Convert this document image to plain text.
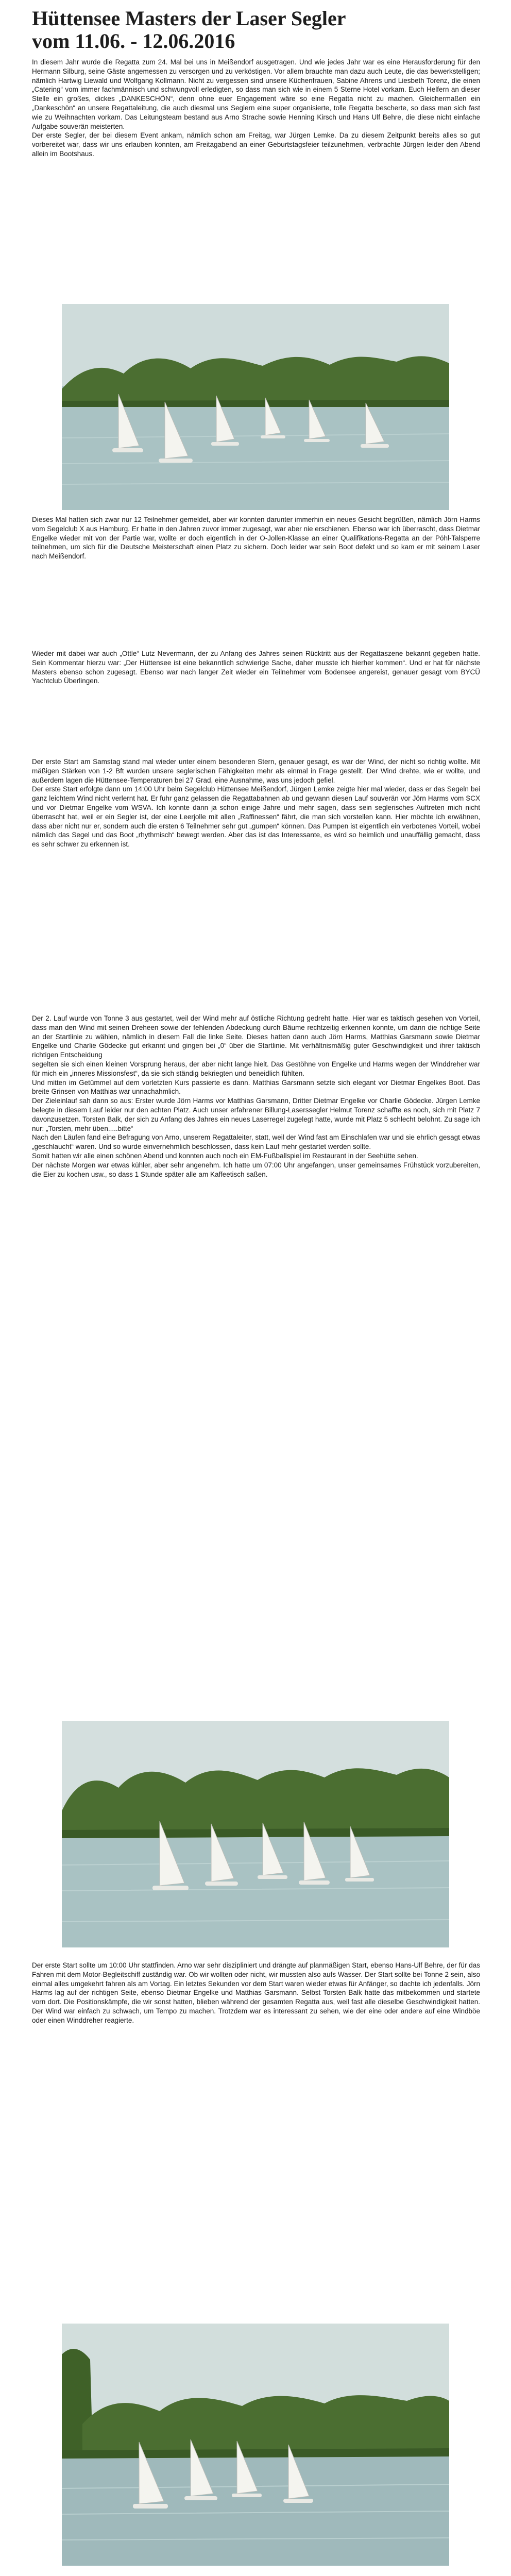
Hüttensee Masters der Laser Segler
vom 11.06. - 12.06.2016

In diesem Jahr wurde die Regatta zum 24. Mal bei uns in Meißendorf ausgetragen. Und wie jedes Jahr war es eine Herausforderung für den Hermann Silburg, seine Gäste angemessen zu versorgen und zu verköstigen. Vor allem brauchte man dazu auch Leute, die das bewerkstelligen; nämlich Hartwig Liewald und Wolfgang Kollmann. Nicht zu vergessen sind unsere Küchenfrauen, Sabine Ahrens und Liesbeth Torenz, die einen „Catering“ vom immer fachmännisch und schwungvoll erledigten, so dass man sich wie in einem 5 Sterne Hotel vorkam. Euch Helfern an dieser Stelle ein großes, dickes „DANKESCHÖN“, denn ohne euer Engagement wäre so eine Regatta nicht zu machen. Gleichermaßen ein „Dankeschön“ an unsere Regattaleitung, die auch diesmal uns Seglern eine super organisierte, tolle Regatta bescherte, so dass man sich fast wie zu Weihnachten vorkam. Das Leitungsteam bestand aus Arno Strache sowie Henning Kirsch und Hans Ulf Behre, die diese nicht einfache Aufgabe souverän meisterten.

Der erste Segler, der bei diesem Event ankam, nämlich schon am Freitag, war Jürgen Lemke. Da zu diesem Zeitpunkt bereits alles so gut vorbereitet war, dass wir uns erlauben konnten, am Freitagabend an einer Geburtstagsfeier teilzunehmen, verbrachte Jürgen leider den Abend allein im Bootshaus.

Dieses Mal hatten sich zwar nur 12 Teilnehmer gemeldet, aber wir konnten darunter immerhin ein neues Gesicht begrüßen, nämlich Jörn Harms vom Segelclub X aus Hamburg. Er hatte in den Jahren zuvor immer zugesagt, war aber nie erschienen. Ebenso war ich überrascht, dass Dietmar Engelke wieder mit von der Partie war, wollte er doch eigentlich in der O-Jollen-Klasse an einer Qualifikations-Regatta an der Pöhl-Talsperre teilnehmen, um sich für die Deutsche Meisterschaft einen Platz zu sichern. Doch leider war sein Boot defekt und so kam er mit seinem Laser nach Meißendorf.

Wieder mit dabei war auch „Ottle“ Lutz Nevermann, der zu Anfang des Jahres seinen Rücktritt aus der Regattaszene bekannt gegeben hatte. Sein Kommentar hierzu war: „Der Hüttensee ist eine bekanntlich schwierige Sache, daher musste ich hierher kommen“. Und er hat für nächste Masters ebenso schon zugesagt. Ebenso war nach langer Zeit wieder ein Teilnehmer vom Bodensee angereist, genauer gesagt vom BYCÜ Yachtclub Überlingen.

Der erste Start am Samstag stand mal wieder unter einem besonderen Stern, genauer gesagt, es war der Wind, der nicht so richtig wollte. Mit mäßigen Stärken von 1-2 Bft wurden unsere seglerischen Fähigkeiten mehr als einmal in Frage gestellt. Der Wind drehte, wie er wollte, und außerdem lagen die Hüttensee-Temperaturen bei 27 Grad, eine Ausnahme, was uns jedoch gefiel.

Der erste Start erfolgte dann um 14:00 Uhr beim Segelclub Hüttensee Meißendorf, Jürgen Lemke zeigte hier mal wieder, dass er das Segeln bei ganz leichtem Wind nicht verlernt hat. Er fuhr ganz gelassen die Regattabahnen ab und gewann diesen Lauf souverän vor Jörn Harms vom SCX und vor Dietmar Engelke vom WSVA. Ich konnte dann ja schon einige Jahre und mehr sagen, dass sein seglerisches Auftreten mich nicht überrascht hat, weil er ein Segler ist, der eine Leerjolle mit allen „Raffinessen“ fährt, die man sich vorstellen kann. Hier möchte ich erwähnen, dass aber nicht nur er, sondern auch die ersten 6 Teilnehmer sehr gut „gumpen“ können. Das Pumpen ist eigentlich ein verbotenes Vorteil, wobei nämlich das Segel und das Boot „rhythmisch“ bewegt werden. Aber das ist das Interessante, es wird so heimlich und unauffällig gemacht, dass es sehr schwer zu erkennen ist.

Der 2. Lauf wurde von Tonne 3 aus gestartet, weil der Wind mehr auf östliche Richtung gedreht hatte. Hier war es taktisch gesehen von Vorteil, dass man den Wind mit seinen Dreheen sowie der fehlenden Abdeckung durch Bäume rechtzeitig erkennen konnte, um dann die richtige Seite an der Startlinie zu wählen, nämlich in diesem Fall die linke Seite. Dieses hatten dann auch Jörn Harms, Matthias Garsmann sowie Dietmar Engelke und Charlie Gödecke gut erkannt und gingen bei „0“ über die Startlinie. Mit verhältnismäßig guter Geschwindigkeit und ihrer taktisch richtigen Entscheidung

segelten sie sich einen kleinen Vorsprung heraus, der aber nicht lange hielt. Das Gestöhne von Engelke und Harms wegen der Winddreher war für mich ein „inneres Missionsfest“, da sie sich ständig bekriegten und beneidlich fühlten.

Und mitten im Getümmel auf dem vorletzten Kurs passierte es dann. Matthias Garsmann setzte sich elegant vor Dietmar Engelkes Boot. Das breite Grinsen von Matthias war unnachahmlich.

Der Zieleinlauf sah dann so aus: Erster wurde Jörn Harms vor Matthias Garsmann, Dritter Dietmar Engelke vor Charlie Gödecke. Jürgen Lemke belegte in diesem Lauf leider nur den achten Platz. Auch unser erfahrener Billung-Laserssegler Helmut Torenz schaffte es noch, sich mit Platz 7 davonzusetzen. Torsten Balk, der sich zu Anfang des Jahres ein neues Laserregel zugelegt hatte, wurde mit Platz 5 schlecht belohnt. Zu sage ich nur: „Torsten, mehr üben.....bitte“

Nach den Läufen fand eine Befragung von Arno, unserem Regattaleiter, statt, weil der Wind fast am Einschlafen war und sie ehrlich gesagt etwas „geschlaucht“ waren. Und so wurde einvernehmlich beschlossen, dass kein Lauf mehr gestartet werden sollte.

Somit hatten wir alle einen schönen Abend und konnten auch noch ein EM-Fußballspiel im Restaurant in der Seehütte sehen.

Der nächste Morgen war etwas kühler, aber sehr angenehm. Ich hatte um 07:00 Uhr angefangen, unser gemeinsames Frühstück vorzubereiten, die Eier zu kochen usw., so dass 1 Stunde später alle am Kaffeetisch saßen.

Der erste Start sollte um 10:00 Uhr stattfinden. Arno war sehr diszipliniert und drängte auf planmäßigen Start, ebenso Hans-Ulf Behre, der für das Fahren mit dem Motor-Begleitschiff zuständig war. Ob wir wollten oder nicht, wir mussten also aufs Wasser. Der Start sollte bei Tonne 2 sein, also einmal alles umgekehrt fahren als am Vortag. Ein letztes Sekunden vor dem Start waren wieder etwas für Anfänger, so dachte ich jedenfalls. Jörn Harms lag auf der richtigen Seite, ebenso Dietmar Engelke und Matthias Garsmann. Selbst Torsten Balk hatte das mitbekommen und startete vorn dort. Die Positionskämpfe, die wir sonst hatten, blieben während der gesamten Regatta aus, weil fast alle dieselbe Geschwindigkeit hatten. Der Wind war einfach zu schwach, um Tempo zu machen. Trotzdem war es interessant zu sehen, wie der eine oder andere auf eine Windböe oder einen Winddreher reagierte.
